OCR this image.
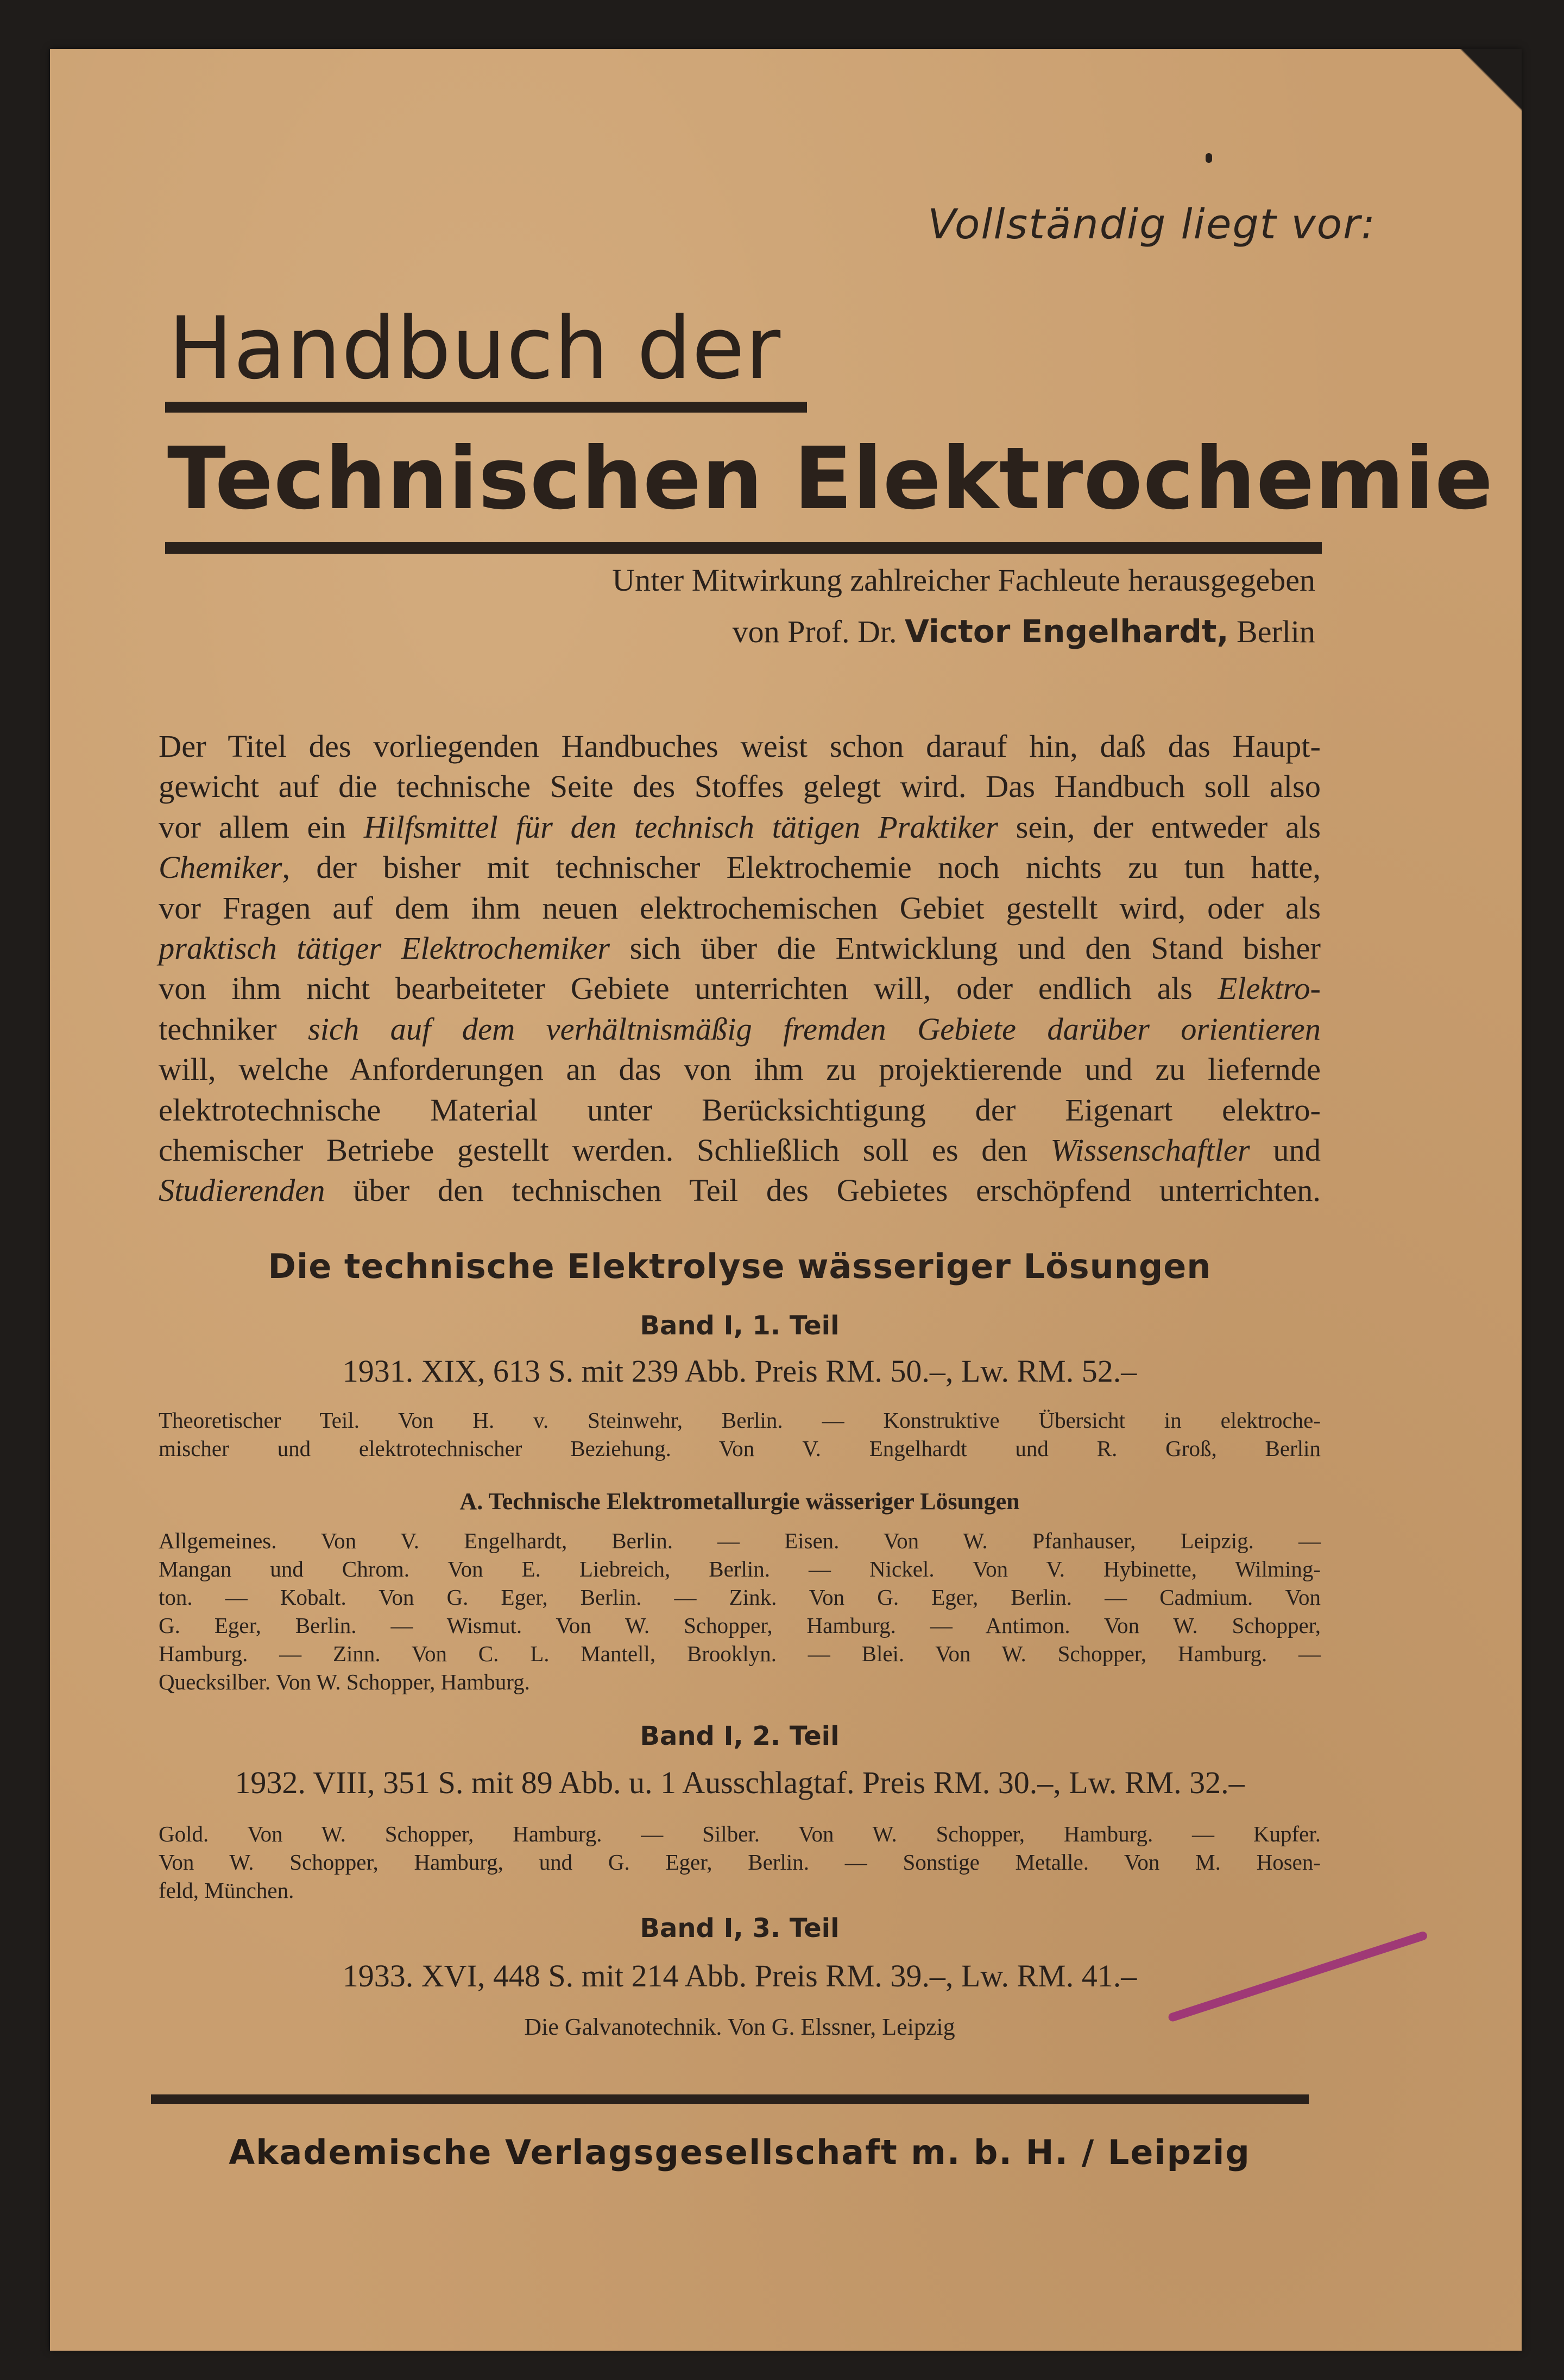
Vollständig liegt vor:

Handbuch der
Technischen Elektrochemie

Unter Mitwirkung zahlreicher Fachleute herausgegeben

von Prof. Dr. Victor Engelhardt, Berlin

Der Titel des vorliegenden Handbuches weist schon darauf hin, daß das Haupt-
gewicht auf die technische Seite des Stoffes gelegt wird. Das Handbuch soll also
vor allem ein Hilfsmittel für den technisch tätigen Praktiker sein, der entweder als
Chemiker, der bisher mit technischer Elektrochemie noch nichts zu tun hatte,
vor Fragen auf dem ihm neuen elektrochemischen Gebiet gestellt wird, oder als
praktisch tätiger Elektrochemiker sich über die Entwicklung und den Stand bisher
von ihm nicht bearbeiteter Gebiete unterrichten will, oder endlich als Elektro-
techniker sich auf dem verhältnismäßig fremden Gebiete darüber orientieren
will, welche Anforderungen an das von ihm zu projektierende und zu liefernde
elektrotechnische Material unter Berücksichtigung der Eigenart elektro-
chemischer Betriebe gestellt werden. Schließlich soll es den Wissenschaftler und
Studierenden über den technischen Teil des Gebietes erschöpfend unterrichten.

Die technische Elektrolyse wässeriger Lösungen

Band I, 1. Teil

1931. XIX, 613 S. mit 239 Abb. Preis RM. 50.–, Lw. RM. 52.–

Theoretischer Teil. Von H. v. Steinwehr, Berlin. — Konstruktive Übersicht in elektroche-
mischer und elektrotechnischer Beziehung. Von V. Engelhardt und R. Groß, Berlin

A. Technische Elektrometallurgie wässeriger Lösungen

Allgemeines. Von V. Engelhardt, Berlin. — Eisen. Von W. Pfanhauser, Leipzig. —
Mangan und Chrom. Von E. Liebreich, Berlin. — Nickel. Von V. Hybinette, Wilming-
ton. — Kobalt. Von G. Eger, Berlin. — Zink. Von G. Eger, Berlin. — Cadmium. Von
G. Eger, Berlin. — Wismut. Von W. Schopper, Hamburg. — Antimon. Von W. Schopper,
Hamburg. — Zinn. Von C. L. Mantell, Brooklyn. — Blei. Von W. Schopper, Hamburg. —
Quecksilber. Von W. Schopper, Hamburg.

Band I, 2. Teil

1932. VIII, 351 S. mit 89 Abb. u. 1 Ausschlagtaf. Preis RM. 30.–, Lw. RM. 32.–

Gold. Von W. Schopper, Hamburg. — Silber. Von W. Schopper, Hamburg. — Kupfer.
Von W. Schopper, Hamburg, und G. Eger, Berlin. — Sonstige Metalle. Von M. Hosen-
feld, München.

Band I, 3. Teil

1933. XVI, 448 S. mit 214 Abb. Preis RM. 39.–, Lw. RM. 41.–

Die Galvanotechnik. Von G. Elssner, Leipzig

Akademische Verlagsgesellschaft m. b. H. / Leipzig
